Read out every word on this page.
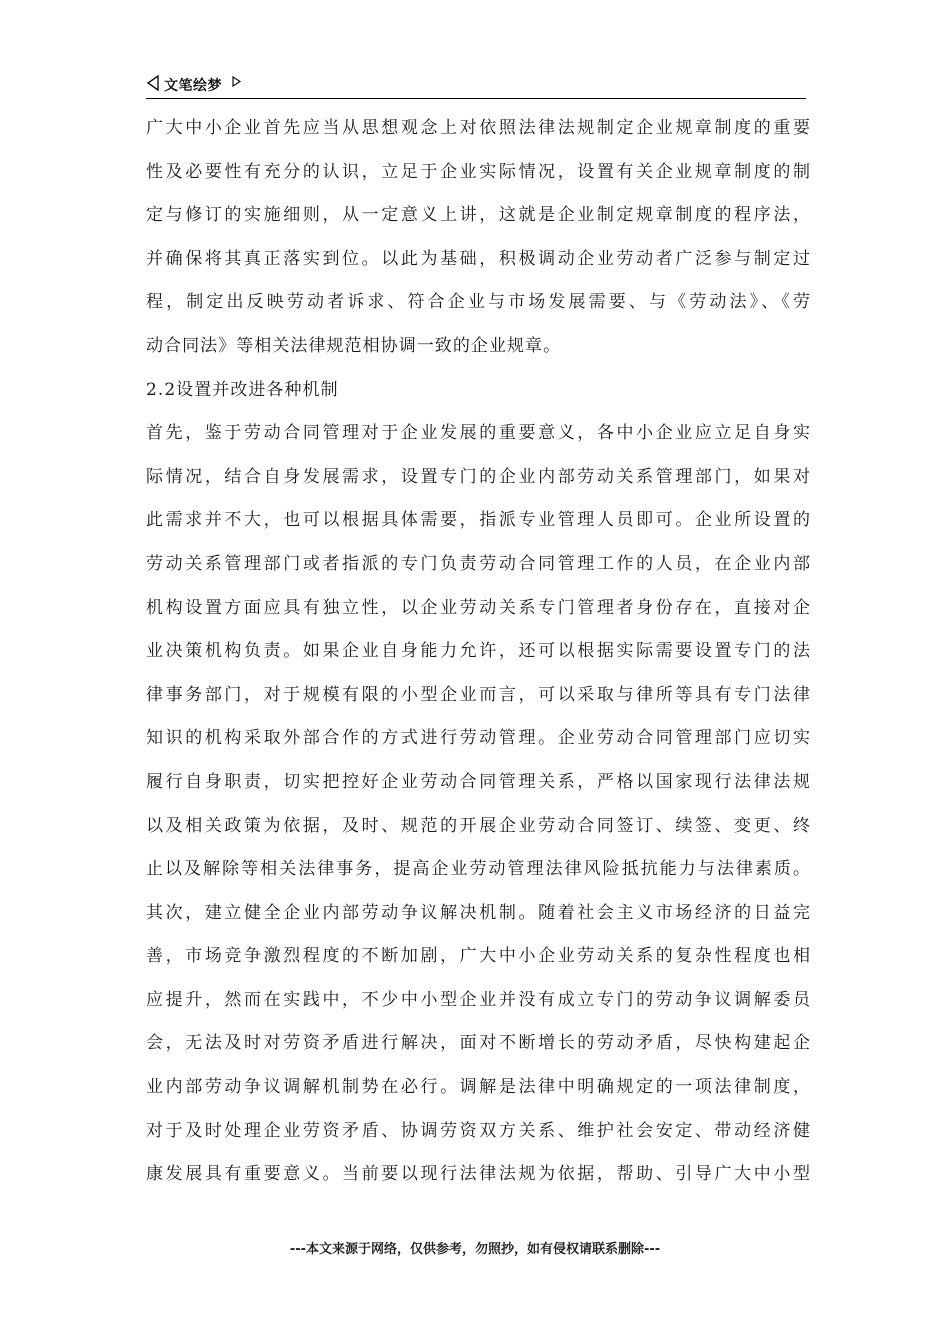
文笔绘梦
广大中小企业首先应当从思想观念上对依照法律法规制定企业规章制度的重要
性及必要性有充分的认识，立足于企业实际情况，设置有关企业规章制度的制
定与修订的实施细则，从一定意义上讲，这就是企业制定规章制度的程序法，
并确保将其真正落实到位。以此为基础，积极调动企业劳动者广泛参与制定过
程，制定出反映劳动者诉求、符合企业与市场发展需要、与《劳动法》、《劳
动合同法》等相关法律规范相协调一致的企业规章。
2.2设置并改进各种机制
首先，鉴于劳动合同管理对于企业发展的重要意义，各中小企业应立足自身实
际情况，结合自身发展需求，设置专门的企业内部劳动关系管理部门，如果对
此需求并不大，也可以根据具体需要，指派专业管理人员即可。企业所设置的
劳动关系管理部门或者指派的专门负责劳动合同管理工作的人员，在企业内部
机构设置方面应具有独立性，以企业劳动关系专门管理者身份存在，直接对企
业决策机构负责。如果企业自身能力允许，还可以根据实际需要设置专门的法
律事务部门，对于规模有限的小型企业而言，可以采取与律所等具有专门法律
知识的机构采取外部合作的方式进行劳动管理。企业劳动合同管理部门应切实
履行自身职责，切实把控好企业劳动合同管理关系，严格以国家现行法律法规
以及相关政策为依据，及时、规范的开展企业劳动合同签订、续签、变更、终
止以及解除等相关法律事务，提高企业劳动管理法律风险抵抗能力与法律素质。
其次，建立健全企业内部劳动争议解决机制。随着社会主义市场经济的日益完
善，市场竞争激烈程度的不断加剧，广大中小企业劳动关系的复杂性程度也相
应提升，然而在实践中，不少中小型企业并没有成立专门的劳动争议调解委员
会，无法及时对劳资矛盾进行解决，面对不断增长的劳动矛盾，尽快构建起企
业内部劳动争议调解机制势在必行。调解是法律中明确规定的一项法律制度，
对于及时处理企业劳资矛盾、协调劳资双方关系、维护社会安定、带动经济健
康发展具有重要意义。当前要以现行法律法规为依据，帮助、引导广大中小型
---本文来源于网络，仅供参考，勿照抄，如有侵权请联系删除---
